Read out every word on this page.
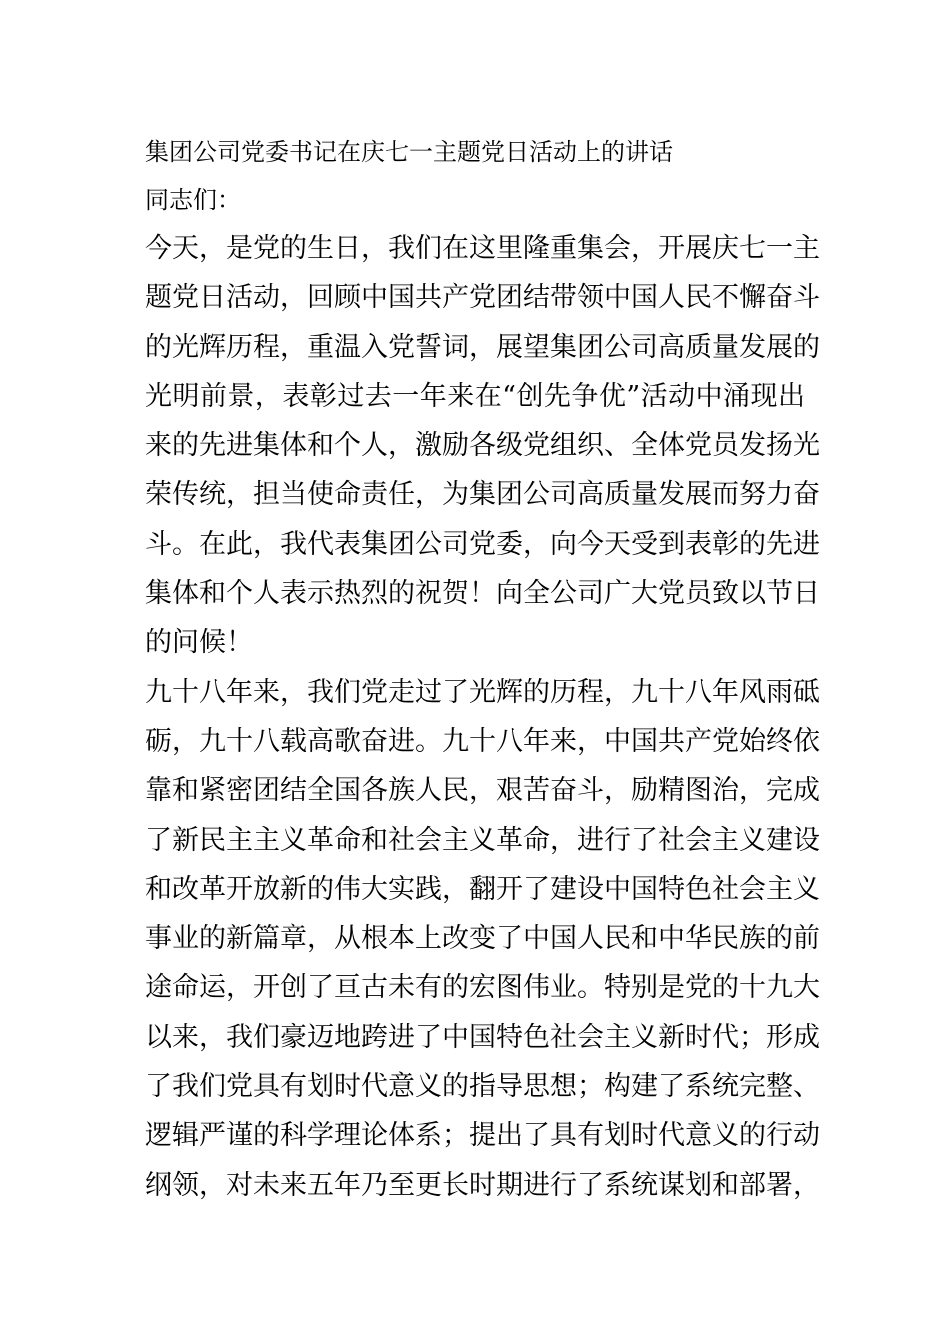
集团公司党委书记在庆七一主题党日活动上的讲话

同志们：

今天，是党的生日，我们在这里隆重集会，开展庆七一主
题党日活动，回顾中国共产党团结带领中国人民不懈奋斗
的光辉历程，重温入党誓词，展望集团公司高质量发展的
光明前景，表彰过去一年来在“创先争优”活动中涌现出
来的先进集体和个人，激励各级党组织、全体党员发扬光
荣传统，担当使命责任，为集团公司高质量发展而努力奋
斗。在此，我代表集团公司党委，向今天受到表彰的先进
集体和个人表示热烈的祝贺！向全公司广大党员致以节日
的问候！

九十八年来，我们党走过了光辉的历程，九十八年风雨砥
砺，九十八载高歌奋进。九十八年来，中国共产党始终依
靠和紧密团结全国各族人民，艰苦奋斗，励精图治，完成
了新民主主义革命和社会主义革命，进行了社会主义建设
和改革开放新的伟大实践，翻开了建设中国特色社会主义
事业的新篇章，从根本上改变了中国人民和中华民族的前
途命运，开创了亘古未有的宏图伟业。特别是党的十九大
以来，我们豪迈地跨进了中国特色社会主义新时代；形成
了我们党具有划时代意义的指导思想；构建了系统完整、
逻辑严谨的科学理论体系；提出了具有划时代意义的行动
纲领，对未来五年乃至更长时期进行了系统谋划和部署，
